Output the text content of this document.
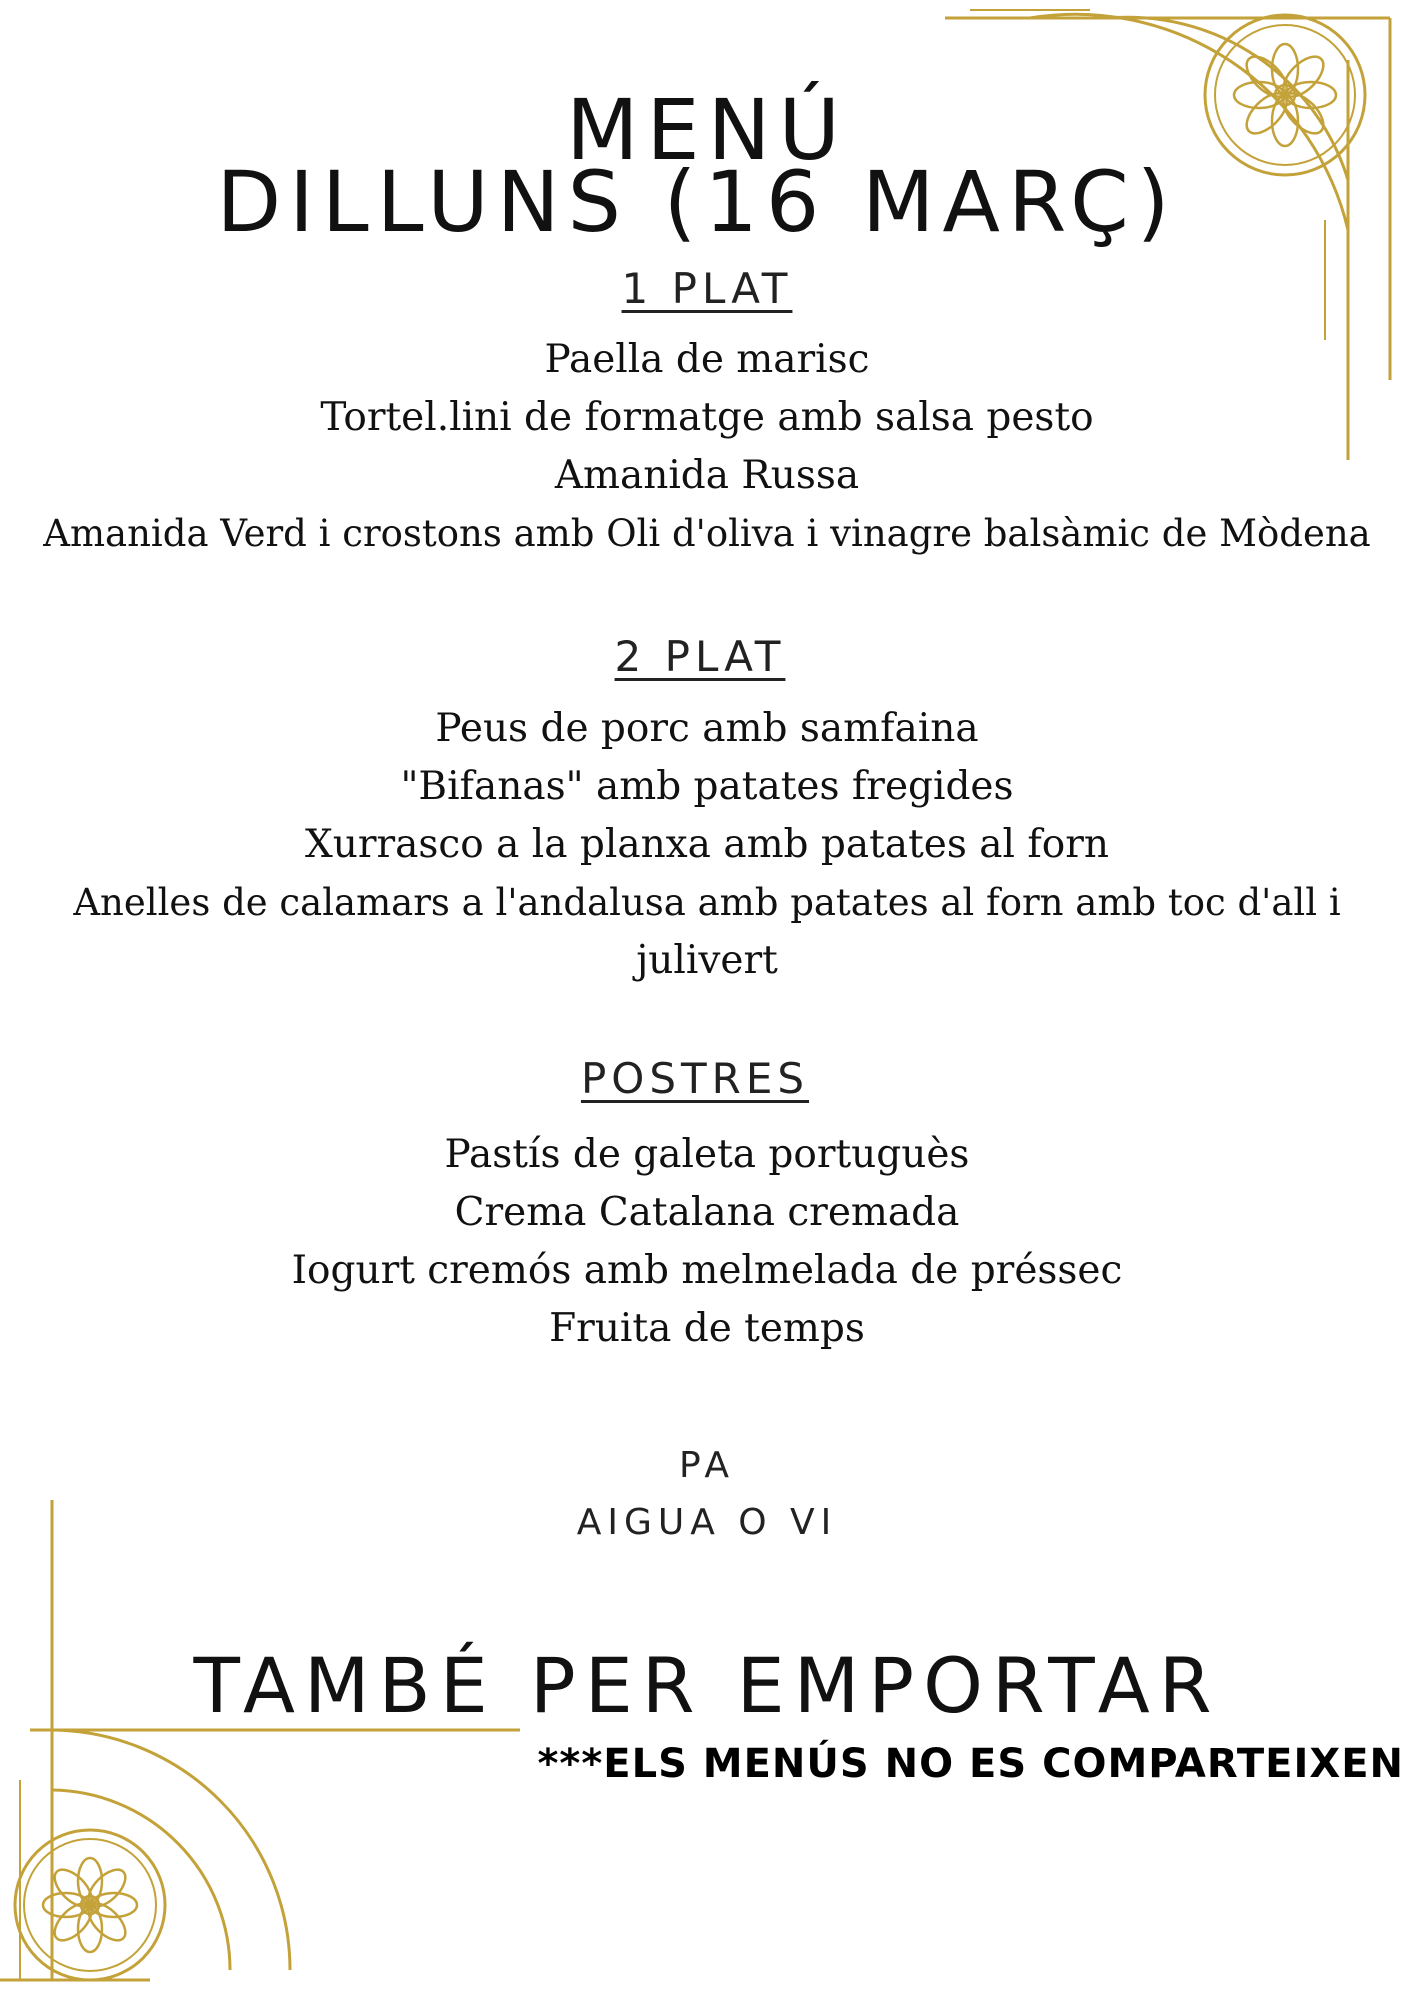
MENÚ
DILLUNS (16 MARÇ)
1 PLAT
Paella de marisc
Tortel.lini de formatge amb salsa pesto
Amanida Russa
Amanida Verd i crostons amb Oli d'oliva i vinagre balsàmic de Mòdena
2 PLAT
Peus de porc amb samfaina
"Bifanas" amb patates fregides
Xurrasco a la planxa amb patates al forn
Anelles de calamars a l'andalusa amb patates al forn amb toc d'all i
julivert
POSTRES
Pastís de galeta portuguès
Crema Catalana cremada
Iogurt cremós amb melmelada de préssec
Fruita de temps
PA
AIGUA O VI
TAMBÉ PER EMPORTAR
***ELS MENÚS NO ES COMPARTEIXEN
